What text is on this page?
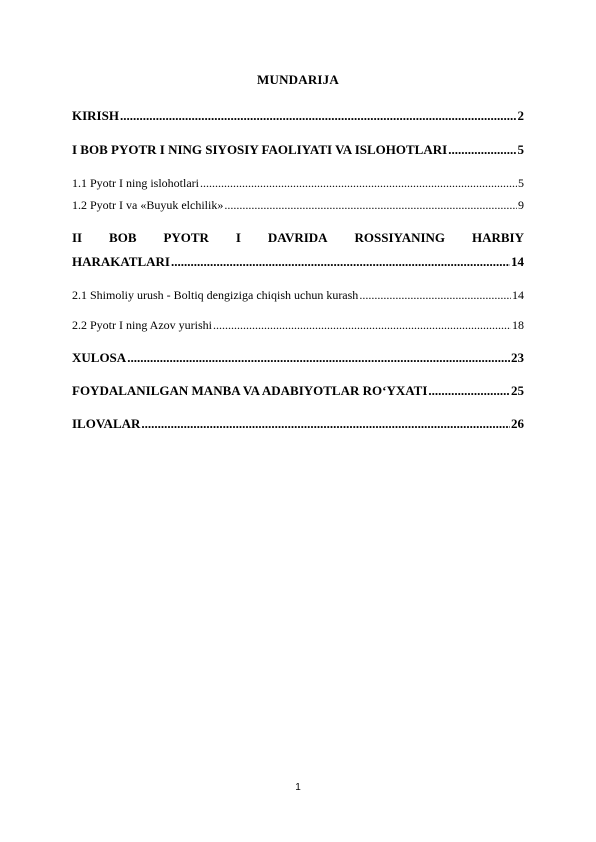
MUNDARIJA
KIRISH .....	2
I BOB PYOTR I NING SIYOSIY FAOLIYATI VA ISLOHOTLARI .....	5
1.1 Pyotr I ning islohotlari .....	5
1.2 Pyotr I va «Buyuk elchilik» .....	9
II BOB PYOTR I DAVRIDA ROSSIYANING HARBIY
HARAKATLARI .....	14
2.1 Shimoliy urush - Boltiq dengiziga chiqish uchun kurash .....	14
2.2 Pyotr I ning Azov yurishi .....	18
XULOSA .....	23
FOYDALANILGAN MANBA VA ADABIYOTLAR RO‘YXATI .....	25
ILOVALAR .....	26
1
